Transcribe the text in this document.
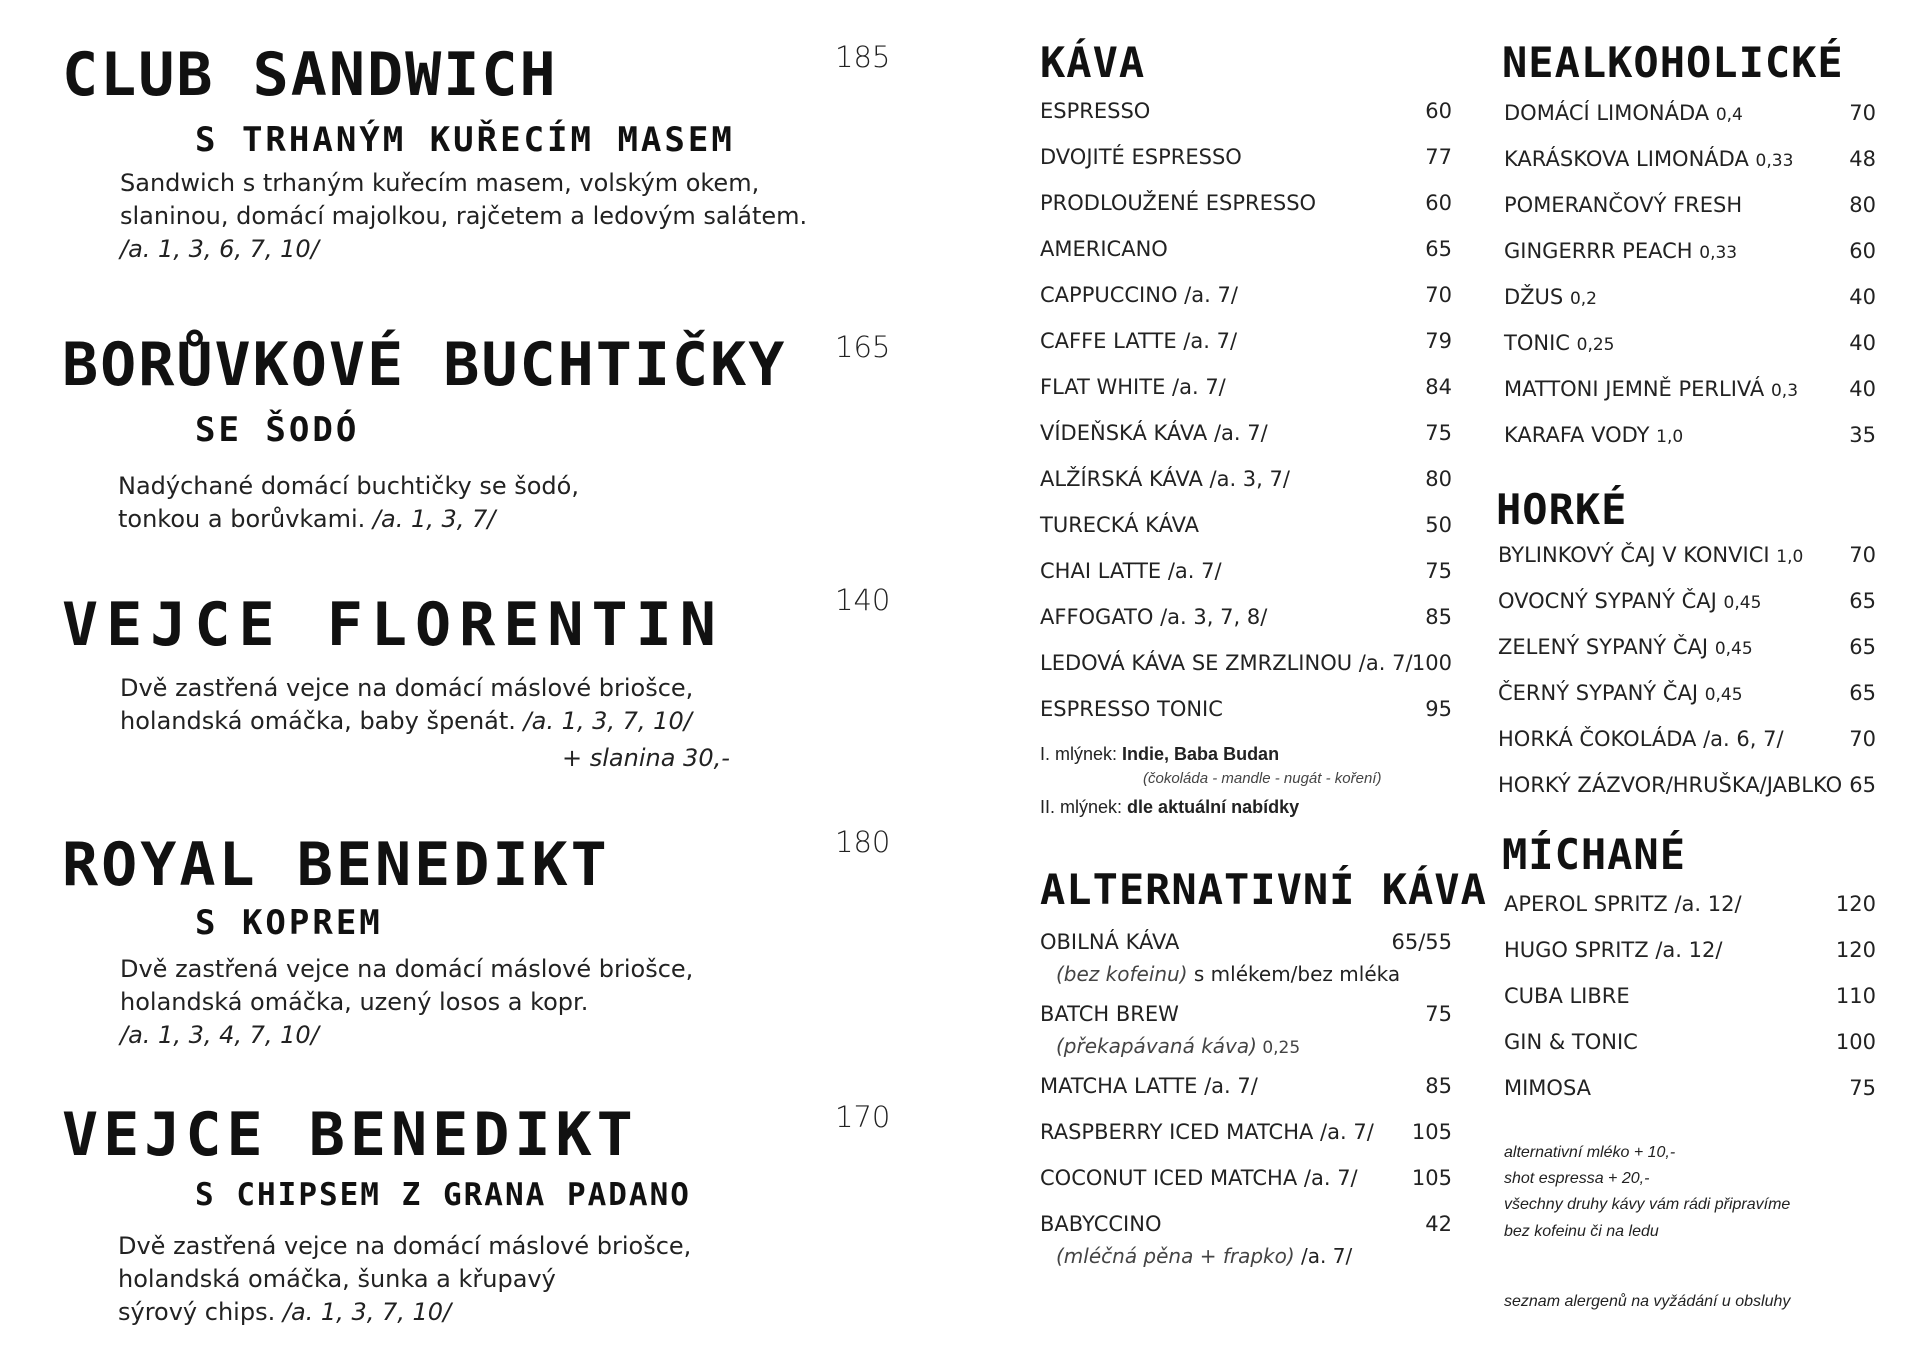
CLUB SANDWICH	185
S TRHANÝM KUŘECÍM MASEM
Sandwich s trhaným kuřecím masem, volským okem,
slaninou, domácí majolkou, rajčetem a ledovým salátem.
/a. 1, 3, 6, 7, 10/
BORŮVKOVÉ BUCHTIČKY 165
SE ŠODÓ
Nadýchané domácí buchtičky se šodó,
tonkou a borůvkami. /a. 1, 3, 7/
VEJCE FLORENTIN	140
Dvě zastřená vejce na domácí máslové briošce,
holandská omáčka, baby špenát. /a. 1, 3, 7, 10/
+ slanina 30,-
ROYAL BENEDIKT	180
S KOPREM
Dvě zastřená vejce na domácí máslové briošce,
holandská omáčka, uzený losos a kopr.
/a. 1, 3, 4, 7, 10/
VEJCE BENEDIKT	170
S CHIPSEM Z GRANA PADANO
Dvě zastřená vejce na domácí máslové briošce,
holandská omáčka, šunka a křupavý
sýrový chips. /a. 1, 3, 7, 10/
KÁVA
ESPRESSO	60
DVOJITÉ ESPRESSO	77
PRODLOUŽENÉ ESPRESSO	60
AMERICANO	65
CAPPUCCINO /a. 7/	70
CAFFE LATTE /a. 7/	79
FLAT WHITE /a. 7/	84
VÍDEŇSKÁ KÁVA /a. 7/	75
ALŽÍRSKÁ KÁVA /a. 3, 7/	80
TURECKÁ KÁVA	50
CHAI LATTE /a. 7/	75
AFFOGATO /a. 3, 7, 8/	85
LEDOVÁ KÁVA SE ZMRZLINOU /a. 7/ 100
ESPRESSO TONIC	95
I. mlýnek: Indie, Baba Budan
(čokoláda - mandle - nugát - koření)
II. mlýnek: dle aktuální nabídky
ALTERNATIVNÍ KÁVA
OBILNÁ KÁVA	65/55
(bez kofeinu) s mlékem/bez mléka
BATCH BREW	75
(překapávaná káva) 0,25
MATCHA LATTE /a. 7/	85
RASPBERRY ICED MATCHA /a. 7/ 105
COCONUT ICED MATCHA /a. 7/	105
BABYCCINO	42
(mléčná pěna + frapko) /a. 7/
NEALKOHOLICKÉ
DOMÁCÍ LIMONÁDA 0,4	70
KARÁSKOVA LIMONÁDA 0,33	48
POMERANČOVÝ FRESH	80
GINGERRR PEACH 0,33	60
DŽUS 0,2	40
TONIC 0,25	40
MATTONI JEMNĚ PERLIVÁ 0,3 40
KARAFA VODY 1,0	35
HORKÉ
BYLINKOVÝ ČAJ V KONVICI 1,0 70
OVOCNÝ SYPANÝ ČAJ 0,45	65
ZELENÝ SYPANÝ ČAJ 0,45	65
ČERNÝ SYPANÝ ČAJ 0,45	65
HORKÁ ČOKOLÁDA /a. 6, 7/	70
HORKÝ ZÁZVOR/HRUŠKA/JABLKO 65
MÍCHANÉ
APEROL SPRITZ /a. 12/	120
HUGO SPRITZ /a. 12/	120
CUBA LIBRE	110
GIN & TONIC	100
MIMOSA	75
alternativní mléko + 10,-
shot espressa + 20,-
všechny druhy kávy vám rádi připravíme
bez kofeinu či na ledu
seznam alergenů na vyžádání u obsluhy
